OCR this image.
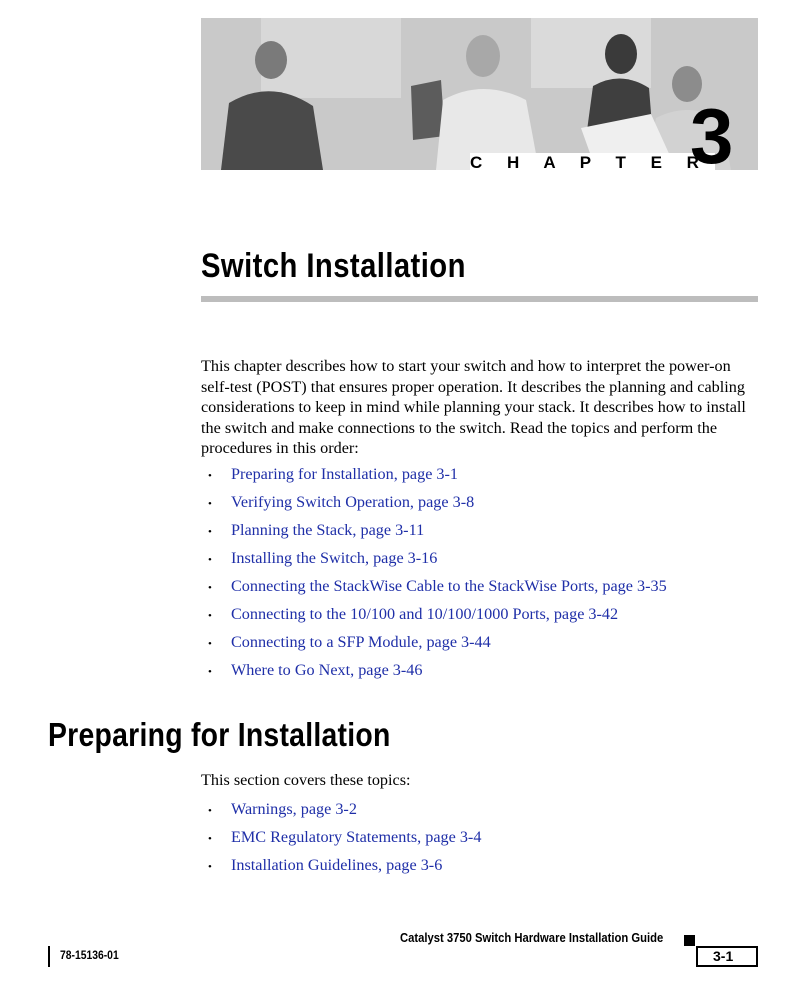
C H A P T E R
3
Switch Installation

This chapter describes how to start your switch and how to interpret the power-on self-test (POST) that ensures proper operation. It describes the planning and cabling considerations to keep in mind while planning your stack. It describes how to install the switch and make connections to the switch. Read the topics and perform the procedures in this order:

• Preparing for Installation, page 3-1
• Verifying Switch Operation, page 3-8
• Planning the Stack, page 3-11
• Installing the Switch, page 3-16
• Connecting the StackWise Cable to the StackWise Ports, page 3-35
• Connecting to the 10/100 and 10/100/1000 Ports, page 3-42
• Connecting to a SFP Module, page 3-44
• Where to Go Next, page 3-46
Preparing for Installation

This section covers these topics:

• Warnings, page 3-2
• EMC Regulatory Statements, page 3-4
• Installation Guidelines, page 3-6
Catalyst 3750 Switch Hardware Installation Guide
78-15136-01	3-1
